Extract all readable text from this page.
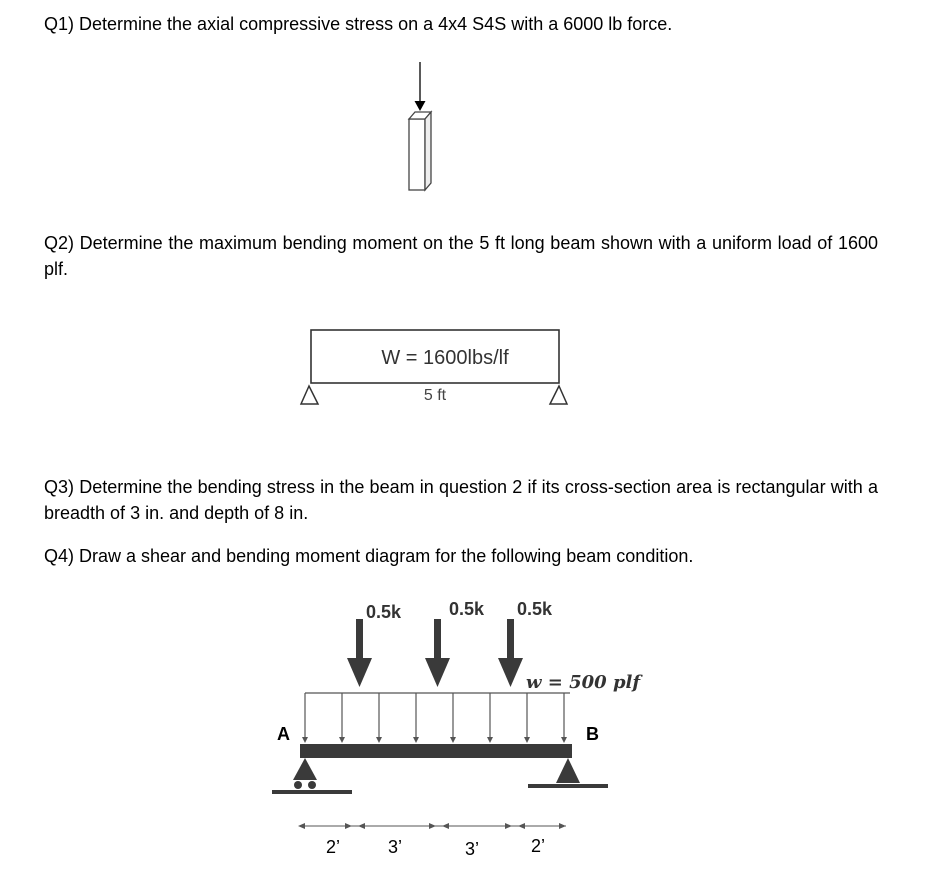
Q1) Determine the axial compressive stress on a 4x4 S4S with a 6000 lb force.

Q2) Determine the maximum bending moment on the 5 ft long beam shown with a uniform load of 1600 plf.

Q3) Determine the bending stress in the beam in question 2 if its cross-section area is rectangular with a breadth of 3 in. and depth of 8 in.

Q4) Draw a shear and bending moment diagram for the following beam condition.

W = 1600lbs/lf
5 ft
0.5k	0.5k 0.5k
w = 500 plf
A	B
2’	3’	3’	2’
